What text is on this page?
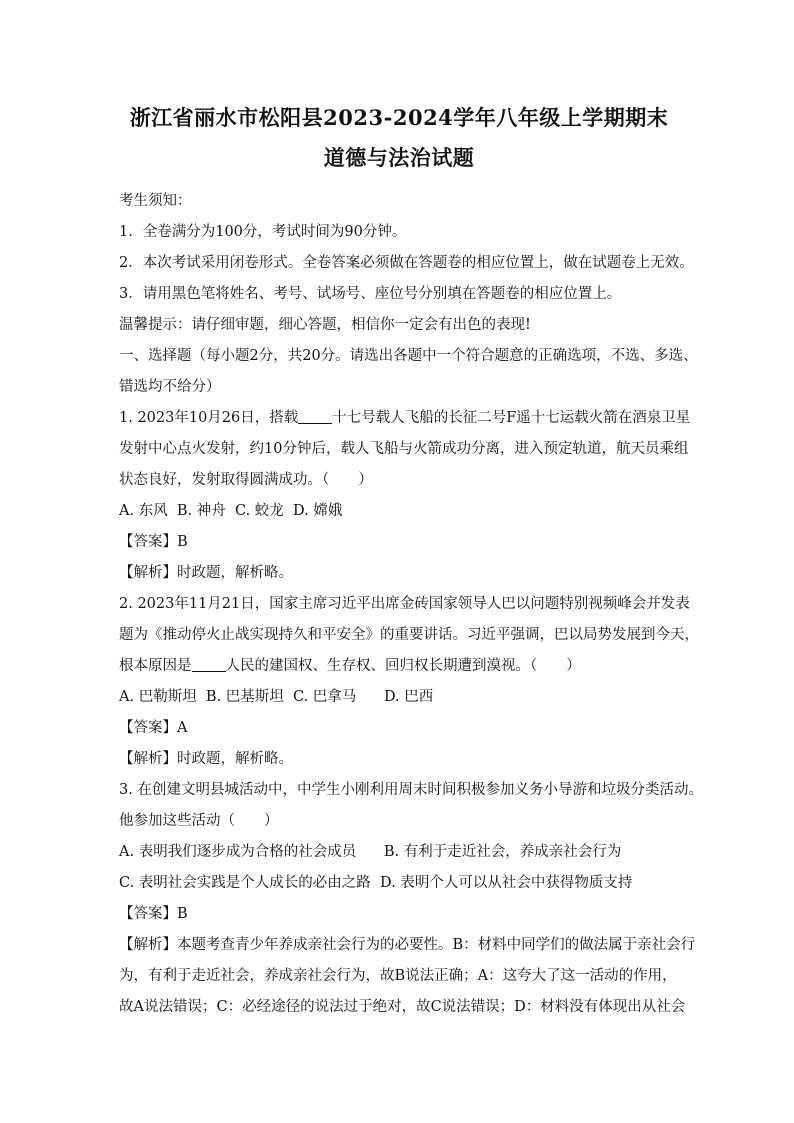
浙江省丽水市松阳县2023-2024学年八年级上学期期末
道德与法治试题
考生须知：
1．全卷满分为100分，考试时间为90分钟。
2．本次考试采用闭卷形式。全卷答案必须做在答题卷的相应位置上，做在试题卷上无效。
3．请用黑色笔将姓名、考号、试场号、座位号分别填在答题卷的相应位置上。
温馨提示：请仔细审题，细心答题，相信你一定会有出色的表现!
一、选择题（每小题2分，共20分。请选出各题中一个符合题意的正确选项，不选、多选、
错选均不给分）
1. 2023年10月26日，搭载 十七号载人飞船的长征二号F遥十七运载火箭在酒泉卫星
发射中心点火发射，约10分钟后，载人飞船与火箭成功分离，进入预定轨道，航天员乘组
状态良好，发射取得圆满成功。（　　）
A. 东风  B. 神舟  C. 蛟龙  D. 嫦娥
【答案】B
【解析】时政题，解析略。
2. 2023年11月21日，国家主席习近平出席金砖国家领导人巴以问题特别视频峰会并发表
题为《推动停火止战实现持久和平安全》的重要讲话。习近平强调，巴以局势发展到今天，
根本原因是 人民的建国权、生存权、回归权长期遭到漠视。（　　）
A. 巴勒斯坦  B. 巴基斯坦  C. 巴拿马      D. 巴西
【答案】A
【解析】时政题，解析略。
3. 在创建文明县城活动中，中学生小刚利用周末时间积极参加义务小导游和垃圾分类活动。
他参加这些活动（　　）
A. 表明我们逐步成为合格的社会成员      B. 有利于走近社会，养成亲社会行为
C. 表明社会实践是个人成长的必由之路  D. 表明个人可以从社会中获得物质支持
【答案】B
【解析】本题考查青少年养成亲社会行为的必要性。B：材料中同学们的做法属于亲社会行
为，有利于走近社会，养成亲社会行为，故B说法正确；A：这夸大了这一活动的作用，
故A说法错误；C：必经途径的说法过于绝对，故C说法错误；D：材料没有体现出从社会
